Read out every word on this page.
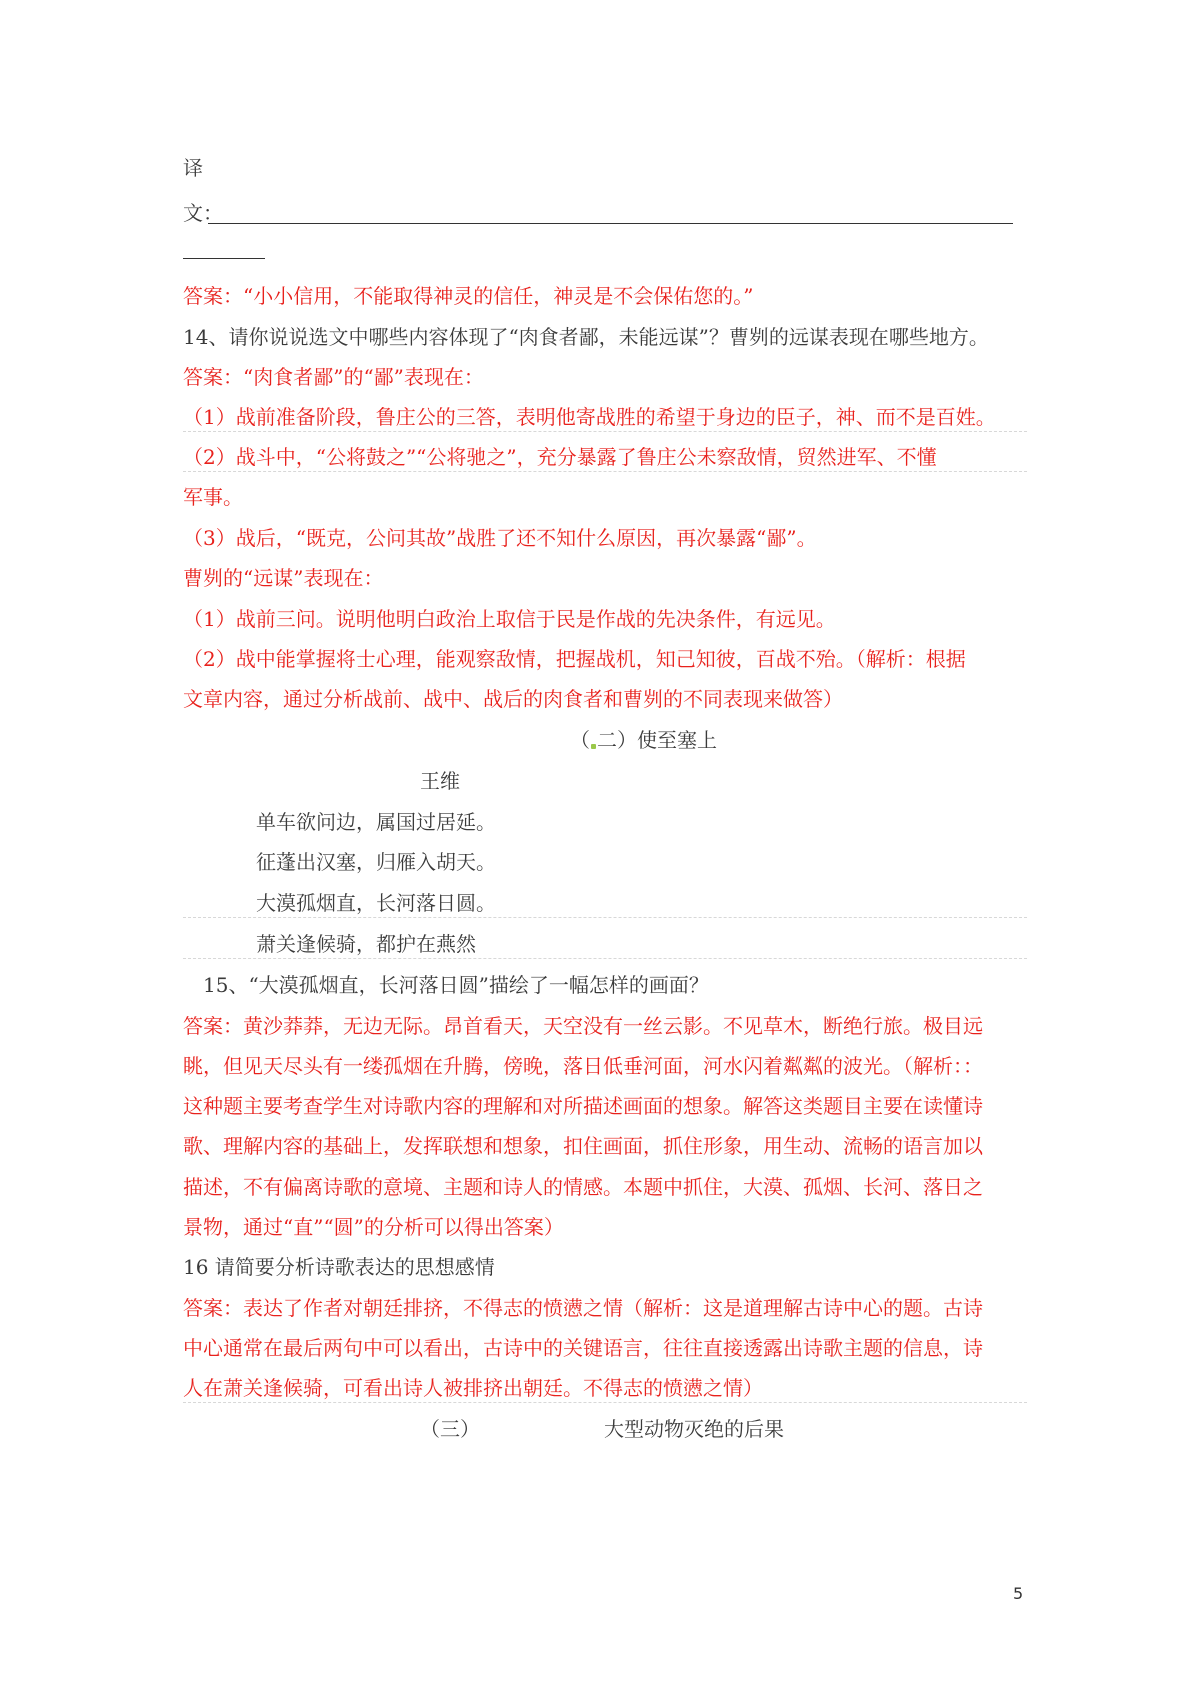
译
文：
答案：“小小信用，不能取得神灵的信任，神灵是不会保佑您的。”
14、请你说说选文中哪些内容体现了“肉食者鄙，未能远谋”？曹刿的远谋表现在哪些地方。
答案：“肉食者鄙”的“鄙”表现在：
（1）战前准备阶段，鲁庄公的三答，表明他寄战胜的希望于身边的臣子，神、而不是百姓。
（2）战斗中，“公将鼓之”“公将驰之”，充分暴露了鲁庄公未察敌情，贸然进军、不懂
军事。
（3）战后，“既克，公问其故”战胜了还不知什么原因，再次暴露“鄙”。
曹刿的“远谋”表现在：
（1）战前三问。说明他明白政治上取信于民是作战的先决条件，有远见。
（2）战中能掌握将士心理，能观察敌情，把握战机，知己知彼，百战不殆。（解析：根据
文章内容，通过分析战前、战中、战后的肉食者和曹刿的不同表现来做答）
（ 二）使至塞上
王维
单车欲问边，属国过居延。
征蓬出汉塞，归雁入胡天。
大漠孤烟直，长河落日圆。
萧关逢候骑，都护在燕然
15、“大漠孤烟直，长河落日圆”描绘了一幅怎样的画面？
答案：黄沙莽莽，无边无际。昂首看天，天空没有一丝云影。不见草木，断绝行旅。极目远
眺，但见天尽头有一缕孤烟在升腾，傍晚，落日低垂河面，河水闪着粼粼的波光。（解析：：
这种题主要考查学生对诗歌内容的理解和对所描述画面的想象。解答这类题目主要在读懂诗
歌、理解内容的基础上，发挥联想和想象，扣住画面，抓住形象，用生动、流畅的语言加以
描述，不有偏离诗歌的意境、主题和诗人的情感。本题中抓住，大漠、孤烟、长河、落日之
景物，通过“直”“圆”的分析可以得出答案）
16 请简要分析诗歌表达的思想感情
答案：表达了作者对朝廷排挤，不得志的愤懑之情（解析：这是道理解古诗中心的题。古诗
中心通常在最后两句中可以看出，古诗中的关键语言，往往直接透露出诗歌主题的信息，诗
人在萧关逢候骑，可看出诗人被排挤出朝廷。不得志的愤懑之情）
（三）	大型动物灭绝的后果
5
